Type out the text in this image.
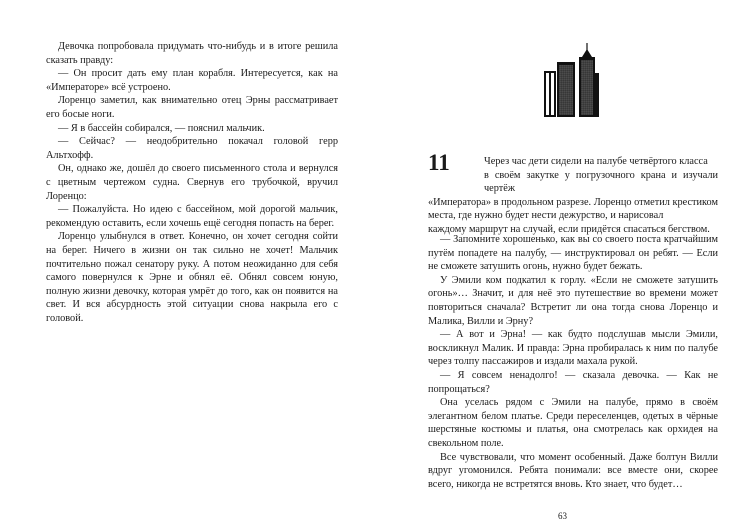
Девочка попробовала придумать что-нибудь и в итоге решила сказать правду:

— Он просит дать ему план корабля. Интересуется, как на «Императоре» всё устроено.

Лоренцо заметил, как внимательно отец Эрны рассматривает его босые ноги.

— Я в бассейн собирался, — пояснил мальчик.

— Сейчас? — неодобрительно покачал головой герр Альтхофф.

Он, однако же, дошёл до своего письменного стола и вернулся с цветным чертежом судна. Свернув его трубочкой, вручил Лоренцо:

— Пожалуйста. Но идею с бассейном, мой дорогой мальчик, рекомендую оставить, если хочешь ещё сегодня попасть на берег.

Лоренцо улыбнулся в ответ. Конечно, он хочет сегодня сойти на берег. Ничего в жизни он так сильно не хочет! Мальчик почтительно пожал сенатору руку. А потом неожиданно для себя самого повернулся к Эрне и обнял её. Обнял совсем юную, полную жизни девочку, которая умрёт до того, как он появится на свет. И вся абсурдность этой ситуации снова накрыла его с головой.

11	Через час дети сидели на палубе четвёртого класса
в своём закутке у погрузочного крана и изучали чертёж
«Императора» в продольном разрезе. Лоренцо отметил крестиком места, где нужно будет нести дежурство, и нарисовал
каждому маршрут на случай, если придётся спасаться бегством.

— Запомните хорошенько, как вы со своего поста кратчайшим путём попадете на палубу, — инструктировал он ребят. — Если не сможете затушить огонь, нужно будет бежать.

У Эмили ком подкатил к горлу. «Если не сможете затушить огонь»… Значит, и для неё это путешествие во времени может повториться сначала? Встретит ли она тогда снова Лоренцо и Малика, Вилли и Эрну?

— А вот и Эрна! — как будто подслушав мысли Эмили, воскликнул Малик. И правда: Эрна пробиралась к ним по палубе через толпу пассажиров и издали махала рукой.

— Я совсем ненадолго! — сказала девочка. — Как не попрощаться?

Она уселась рядом с Эмили на палубе, прямо в своём элегантном белом платье. Среди переселенцев, одетых в чёрные шерстяные костюмы и платья, она смотрелась как орхидея на свекольном поле.

Все чувствовали, что момент особенный. Даже болтун Вилли вдруг угомонился. Ребята понимали: все вместе они, скорее всего, никогда не встретятся вновь. Кто знает, что будет…

63
